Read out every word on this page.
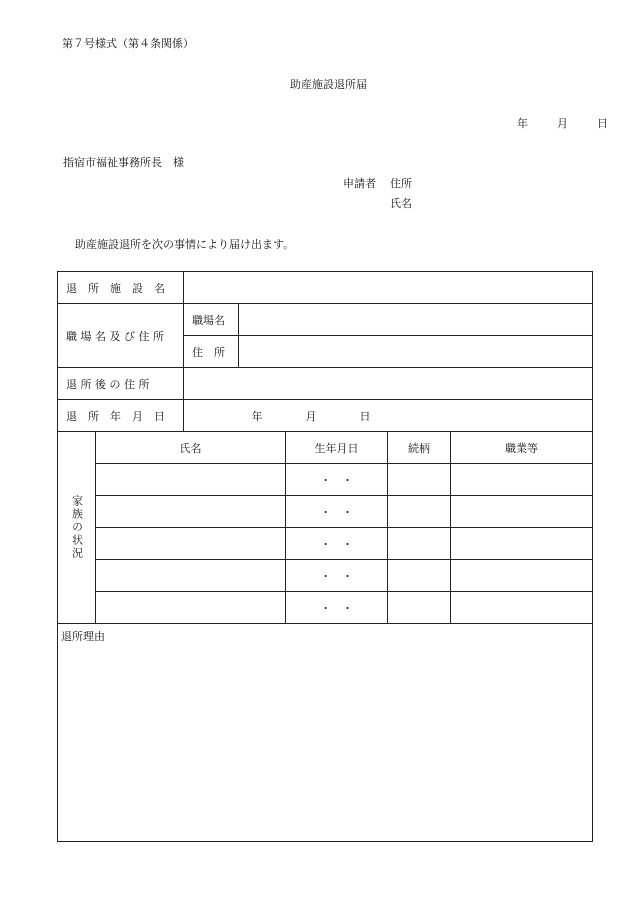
第７号様式（第４条関係）
助産施設退所届
年	月	日
指宿市福祉事務所長　様
申請者 住所
氏名
助産施設退所を次の事情により届け出ます。
退　所　施　設　名						
職 場 名 及 び 住 所		職場名				
		住　所				
退 所 後 の 住 所						
退　所　年　月　日		年 月 日				

家族の状況	氏名			生年月日	続柄	職業等
				・　・		
				・　・		
				・　・		
				・　・		
				・　・		
退所理由						
